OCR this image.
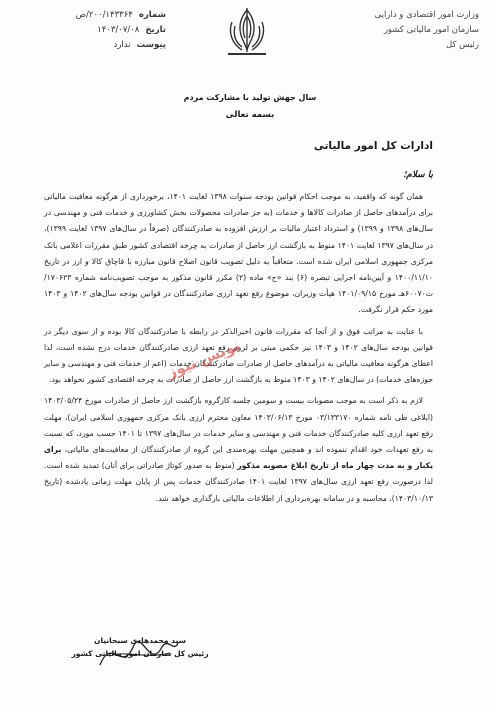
وزارت امور اقتصادی و دارایی
سازمان امور مالیاتی کشور
رئیس کل
شماره
۲۰۰/۱۴۳۳۶۴/ص
تاریخ
۱۴۰۳/۰۷/۰۸
پیوست
ندارد
سال جهش تولید با مشارکت مردم
بسمه تعالی
ادارات کل امور مالیاتی
با سلام؛

همان گونه که واقفید، به موجب احکام قوانین بودجه سنوات ۱۳۹۸ لغایت ۱۴۰۱، برخورداری از هرگونه معافیت مالیاتی برای درآمدهای حاصل از صادرات کالاها و خدمات (به جز صادرات محصولات بخش کشاورزی و خدمات فنی و مهندسی در سال‌های ۱۳۹۸ و ۱۳۹۹) و استرداد اعتبار مالیات بر ارزش افزوده به صادرکنندگان (صرفاً در سال‌های ۱۳۹۷ لغایت ۱۳۹۹)، در سال‌های ۱۳۹۷ لغایت ۱۴۰۱ منوط به بازگشت ارز حاصل از صادرات به چرخه اقتصادی کشور طبق مقررات اعلامی بانک مرکزی جمهوری اسلامی ایران شده است. متعاقباً به دلیل تصویب قانون اصلاح قانون مبارزه با قاچاق کالا و ارز در تاریخ ۱۴۰۰/۱۱/۱۰ و آیین‌نامه اجرایی تبصره (۶) بند «ح» ماده (۲) مکرر قانون مذکور به موجب تصویب‌نامه شماره ۱۷۰۶۲۳/ت۶۰۰۷۰هـ مورخ ۱۴۰۱/۰۹/۱۵ هیأت وزیران، موضوع رفع تعهد ارزی صادرکنندگان در قوانین بودجه سال‌های ۱۴۰۲ و ۱۴۰۳ مورد حکم قرار نگرفت.

با عنایت به مراتب فوق و از آنجا که مقررات قانون اخیرالذکر در رابطه با صادرکنندگان کالا بوده و از سوی دیگر در قوانین بودجه سال‌های ۱۴۰۲ و ۱۴۰۳ نیز حکمی مبنی بر لزوم رفع تعهد ارزی صادرکنندگان خدمات درج نشده است، لذا اعطای هرگونه معافیت مالیاتی به درآمدهای حاصل از صادرات صادرکنندگان خدمات (اعم از خدمات فنی و مهندسی و سایر حوزه‌های خدمات) در سال‌های ۱۴۰۲ و ۱۴۰۳ منوط به بازگشت ارز حاصل از صادرات به چرخه اقتصادی کشور نخواهد بود.

لازم به ذکر است به موجب مصوبات بیست و سومین جلسه کارگروه بازگشت ارز حاصل از صادرات مورخ ۱۴۰۳/۰۵/۲۴ (ابلاغی طی نامه شماره ۰۳/۱۳۳۱۷۰ مورخ ۱۴۰۳/۰۶/۱۳ معاون محترم ارزی بانک مرکزی جمهوری اسلامی ایران)، مهلت رفع تعهد ارزی کلیه صادرکنندگان خدمات فنی و مهندسی و سایر خدمات در سال‌های ۱۳۹۷ تا ۱۴۰۱ حسب مورد، که نسبت به رفع تعهدات خود اقدام ننموده اند و همچنین مهلت بهره‌مندی این گروه از صادرکنندگان از معافیت‌های مالیاتی، برای یکبار و به مدت چهار ماه از تاریخ ابلاغ مصوبه مذکور (منوط به صدور کوتاژ صادراتی برای آنان) تمدید شده است. لذا درصورت رفع تعهد ارزی سال‌های ۱۳۹۷ لغایت ۱۴۰۱ صادرکنندگان خدمات پس از پایان مهلت زمانی یادشده (تاریخ ۱۴۰۳/۱۰/۱۳)، محاسبه و در سامانه بهره‌برداری از اطلاعات مالیاتی بارگذاری خواهد شد.

نویس نیوز
سید محمدهادی سبحانیان
رئیس کل سازمان امور مالیاتی کشور
